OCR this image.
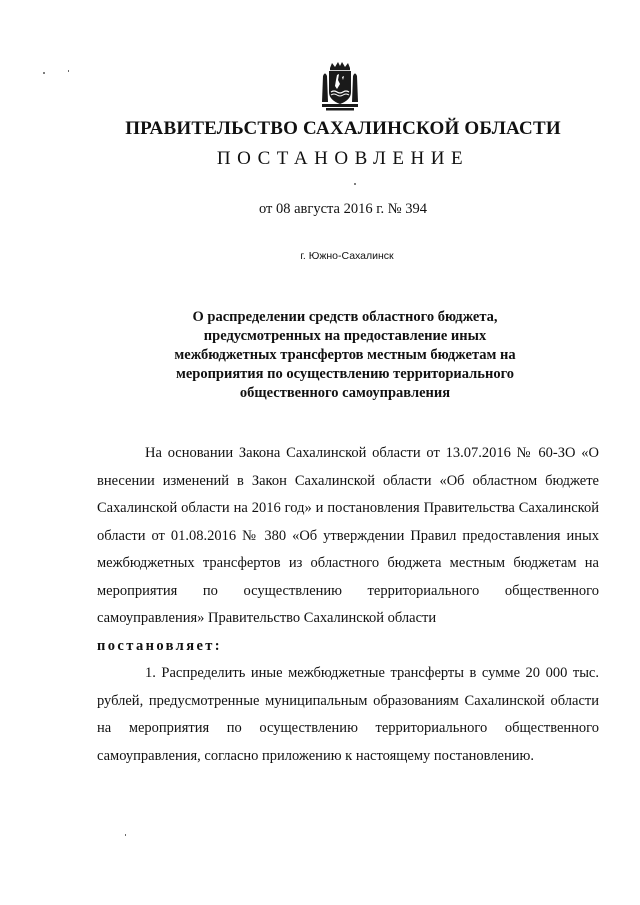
ПРАВИТЕЛЬСТВО САХАЛИНСКОЙ ОБЛАСТИ
ПОСТАНОВЛЕНИЕ
от 08 августа 2016 г. № 394
г. Южно-Сахалинск
О распределении средств областного бюджета,
предусмотренных на предоставление иных
межбюджетных трансфертов местным бюджетам на
мероприятия по осуществлению территориального
общественного самоуправления

На основании Закона Сахалинской области от 13.07.2016 № 60-ЗО «О внесении изменений в Закон Сахалинской области «Об областном бюджете Сахалинской области на 2016 год» и постановления Правительства Сахалинской области от 01.08.2016 № 380 «Об утверждении Правил предоставления иных межбюджетных трансфертов из областного бюджета местным бюджетам на мероприятия по осуществлению территориального общественного самоуправления» Правительство Сахалинской области

постановляет:

1. Распределить иные межбюджетные трансферты в сумме 20 000 тыс. рублей, предусмотренные муниципальным образованиям Сахалинской области на мероприятия по осуществлению территориального общественного самоуправления, согласно приложению к настоящему постановлению.
